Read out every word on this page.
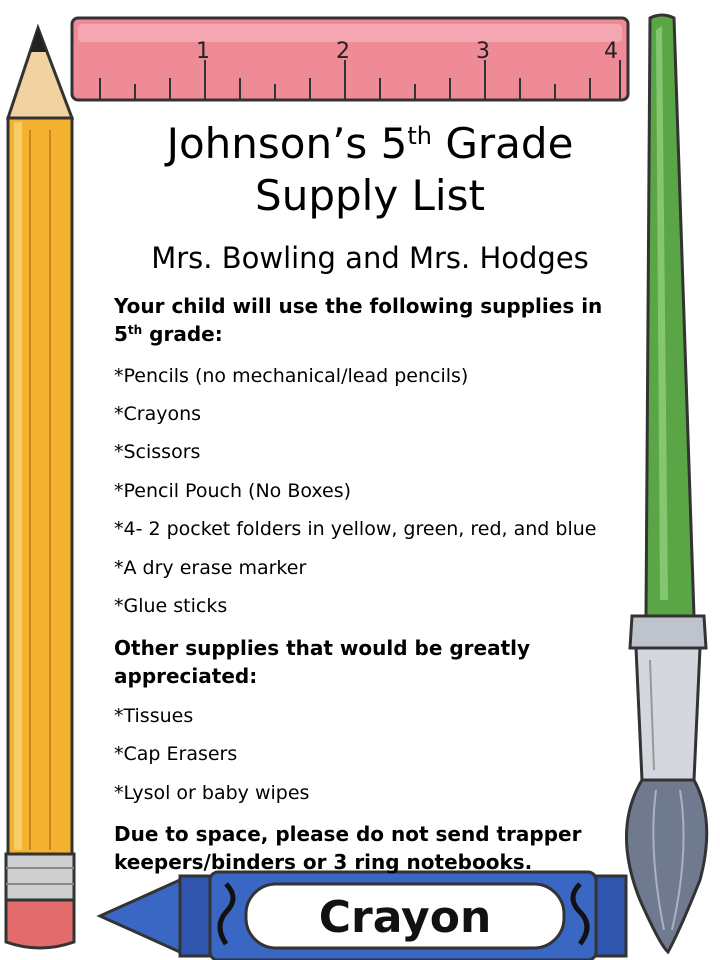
1	2	3	4
Crayon
Johnson’s 5th Grade
Supply List

Mrs. Bowling and Mrs. Hodges

Your child will use the following supplies in 5th grade:

*Pencils (no mechanical/lead pencils)

*Crayons

*Scissors

*Pencil Pouch (No Boxes)

*4- 2 pocket folders in yellow, green, red, and blue

*A dry erase marker

*Glue sticks

Other supplies that would be greatly appreciated:

*Tissues

*Cap Erasers

*Lysol or baby wipes

Due to space, please do not send trapper keepers/binders or 3 ring notebooks.
